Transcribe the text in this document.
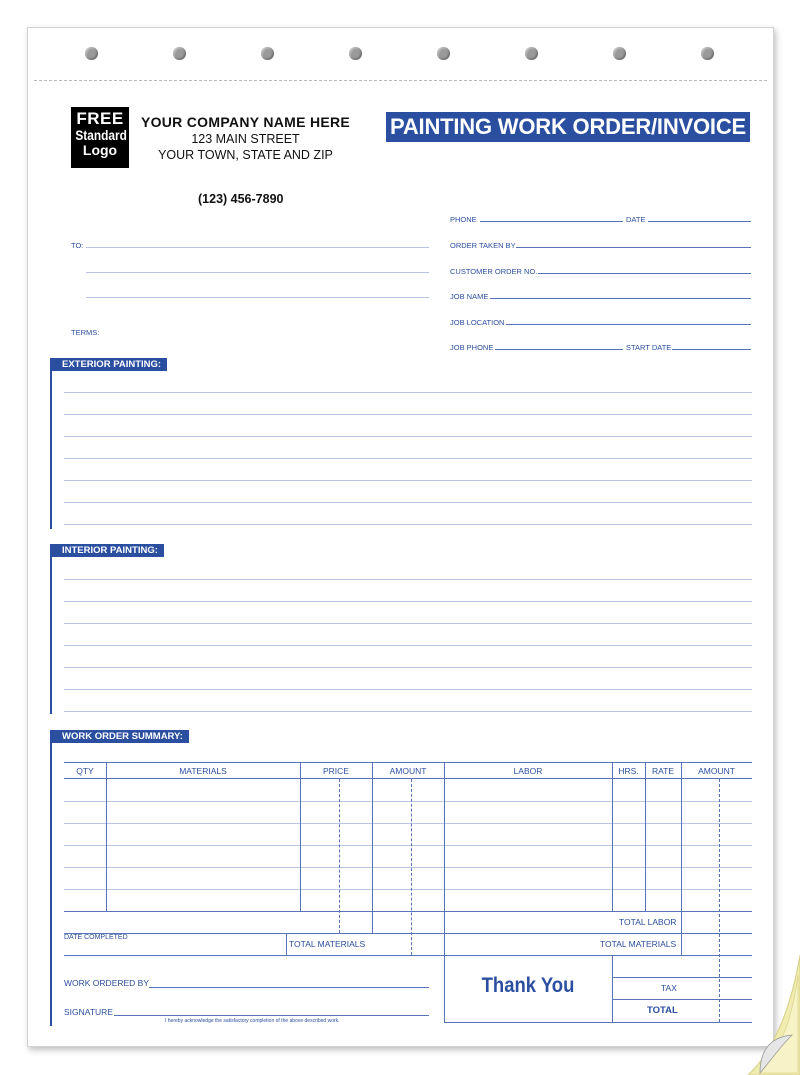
FREE
Standard
Logo
YOUR COMPANY NAME HERE
123 MAIN STREET
YOUR TOWN, STATE AND ZIP
(123) 456-7890
PAINTING WORK ORDER/INVOICE
TO:
TERMS:
PHONE	DATE
ORDER TAKEN BY
CUSTOMER ORDER NO.
JOB NAME
JOB LOCATION
JOB PHONE	START DATE
EXTERIOR PAINTING:
INTERIOR PAINTING:
WORK ORDER SUMMARY:
QTY	MATERIALS	PRICE	AMOUNT	LABOR	HRS.	RATE	AMOUNT
DATE COMPLETED
TOTAL MATERIALS
TOTAL LABOR
TOTAL MATERIALS
TAX
TOTAL
WORK ORDERED BY
SIGNATURE
I hereby acknowledge the satisfactory completion of the above described work.
Thank You
